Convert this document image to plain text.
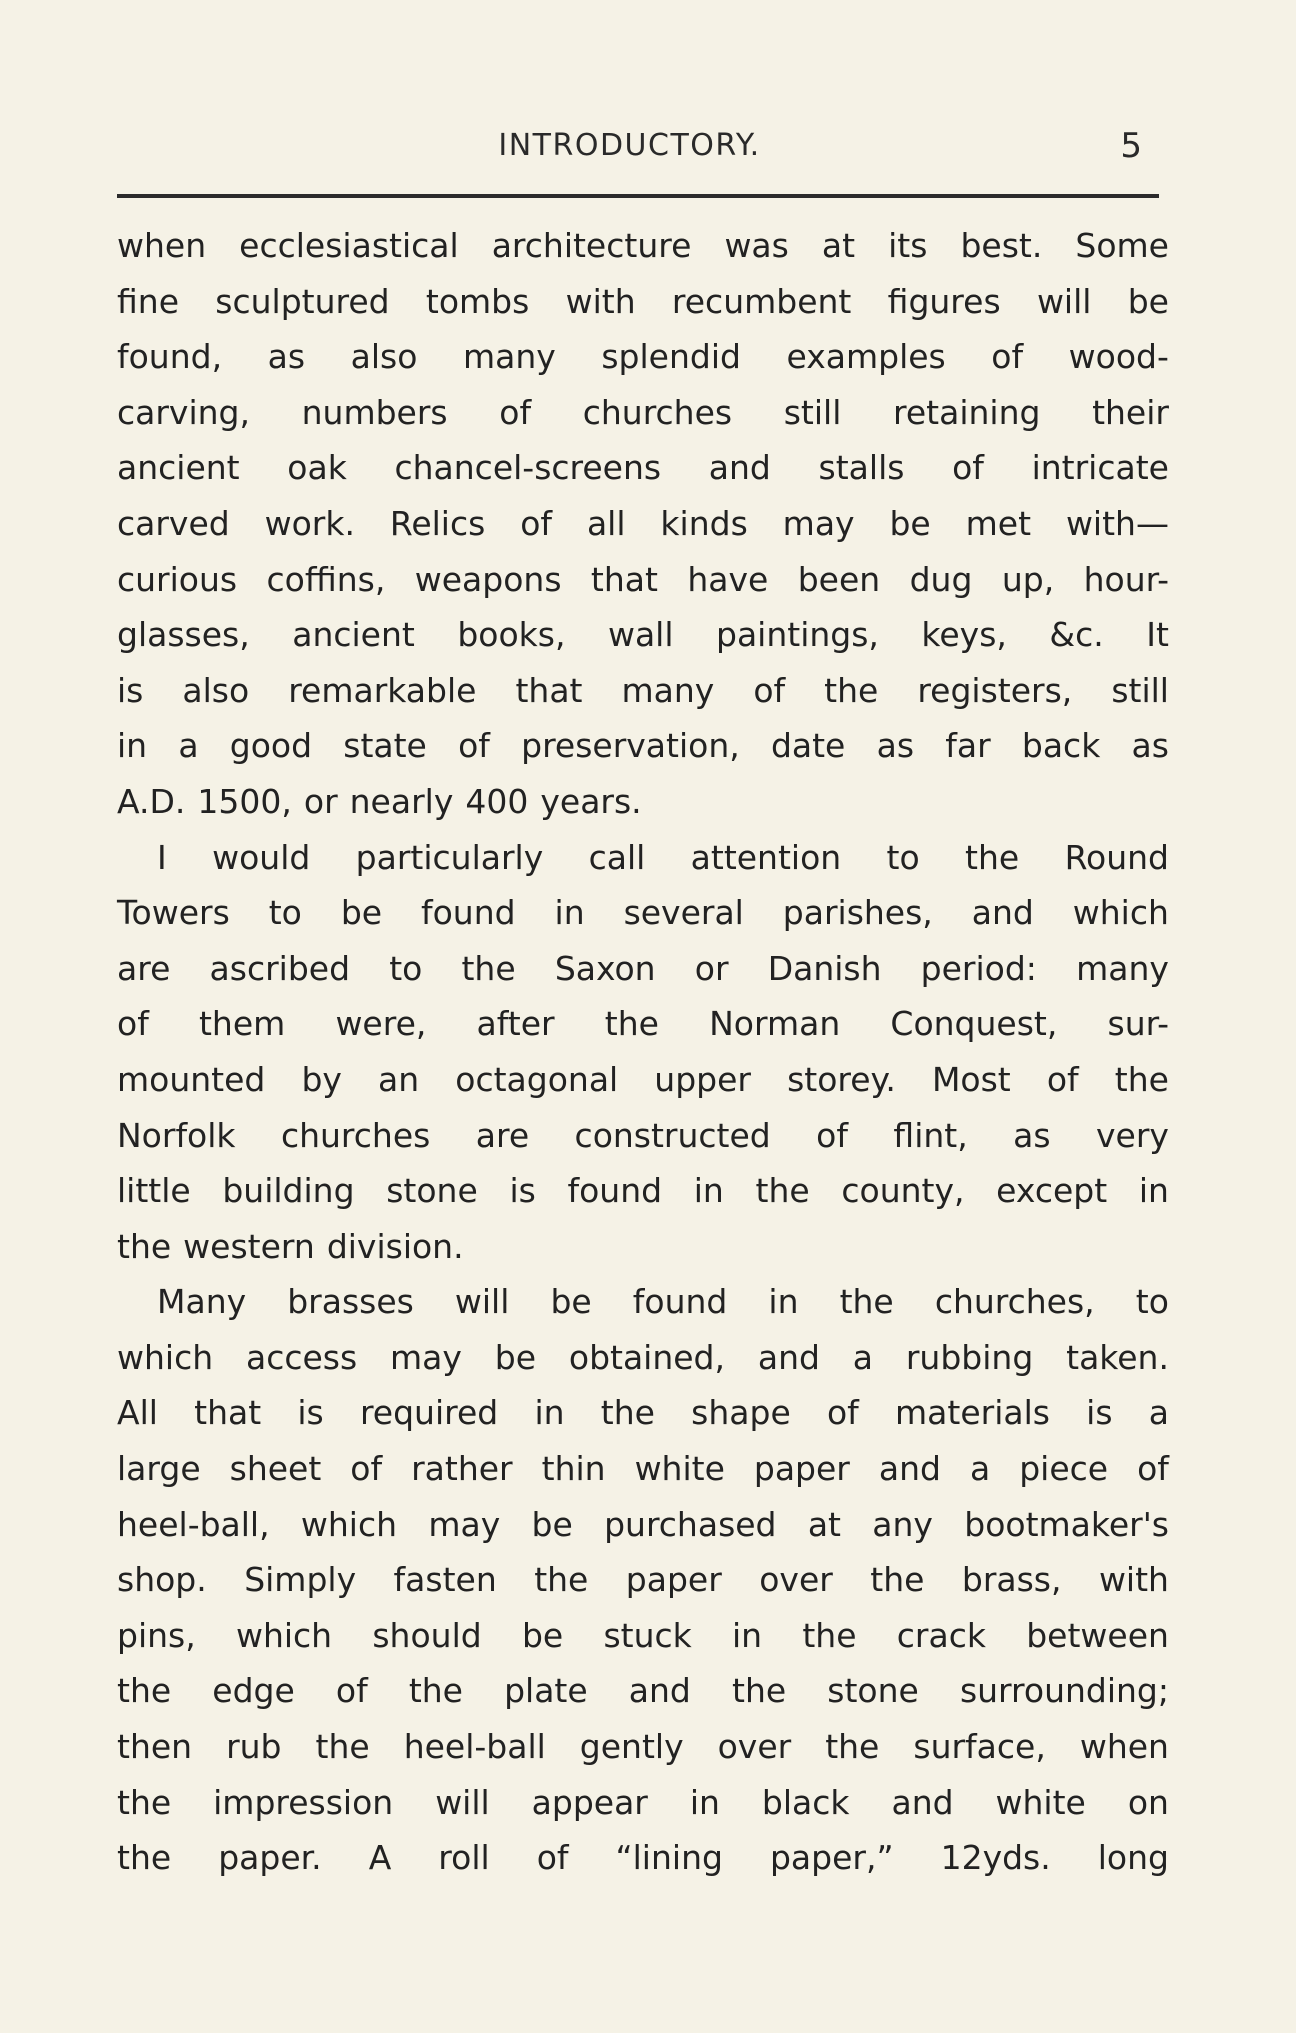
INTRODUCTORY.	5
when ecclesiastical architecture was at its best. Some
fine sculptured tombs with recumbent figures will be
found, as also many splendid examples of wood-
carving, numbers of churches still retaining their
ancient oak chancel-screens and stalls of intricate
carved work. Relics of all kinds may be met with—
curious coffins, weapons that have been dug up, hour-
glasses, ancient books, wall paintings, keys, &c. It
is also remarkable that many of the registers, still
in a good state of preservation, date as far back as
A.D. 1500, or nearly 400 years.
I would particularly call attention to the Round
Towers to be found in several parishes, and which
are ascribed to the Saxon or Danish period: many
of them were, after the Norman Conquest, sur-
mounted by an octagonal upper storey. Most of the
Norfolk churches are constructed of flint, as very
little building stone is found in the county, except in
the western division.
Many brasses will be found in the churches, to
which access may be obtained, and a rubbing taken.
All that is required in the shape of materials is a
large sheet of rather thin white paper and a piece of
heel-ball, which may be purchased at any bootmaker's
shop. Simply fasten the paper over the brass, with
pins, which should be stuck in the crack between
the edge of the plate and the stone surrounding;
then rub the heel-ball gently over the surface, when
the impression will appear in black and white on
the paper. A roll of “lining paper,” 12yds. long
